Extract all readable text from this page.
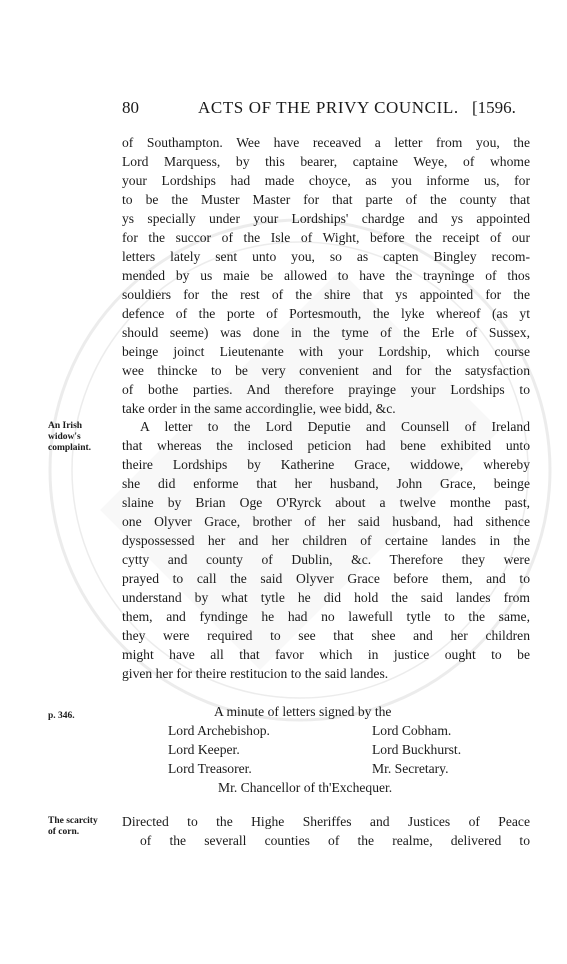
80	ACTS OF THE PRIVY COUNCIL. [1596.
of Southampton. Wee have receaved a letter from you, the
Lord Marquess, by this bearer, captaine Weye, of whome
your Lordships had made choyce, as you informe us, for
to be the Muster Master for that parte of the county that
ys specially under your Lordships' chardge and ys appointed
for the succor of the Isle of Wight, before the receipt of our
letters lately sent unto you, so as capten Bingley recom-
mended by us maie be allowed to have the trayninge of thos
souldiers for the rest of the shire that ys appointed for the
defence of the porte of Portesmouth, the lyke whereof (as yt
should seeme) was done in the tyme of the Erle of Sussex,
beinge joinct Lieutenante with your Lordship, which course
wee thincke to be very convenient and for the satysfaction
of bothe parties. And therefore prayinge your Lordships to
take order in the same accordinglie, wee bidd, &c.
An Irish
widow's
complaint.
A letter to the Lord Deputie and Counsell of Ireland
that whereas the inclosed peticion had bene exhibited unto
theire Lordships by Katherine Grace, widdowe, whereby
she did enforme that her husband, John Grace, beinge
slaine by Brian Oge O'Ryrck about a twelve monthe past,
one Olyver Grace, brother of her said husband, had sithence
dyspossessed her and her children of certaine landes in the
cytty and county of Dublin, &c. Therefore they were
prayed to call the said Olyver Grace before them, and to
understand by what tytle he did hold the said landes from
them, and fyndinge he had no lawefull tytle to the same,
they were required to see that shee and her children
might have all that favor which in justice ought to be
given her for theire restitucion to the said landes.
p. 346.	A minute of letters signed by the
Lord Archebishop.
Lord Keeper.
Lord Treasorer.
Lord Cobham.
Lord Buckhurst.
Mr. Secretary.
Mr. Chancellor of th'Exchequer.
The scarcity
of corn.
Directed to the Highe Sheriffes and Justices of Peace
of the severall counties of the realme, delivered to
